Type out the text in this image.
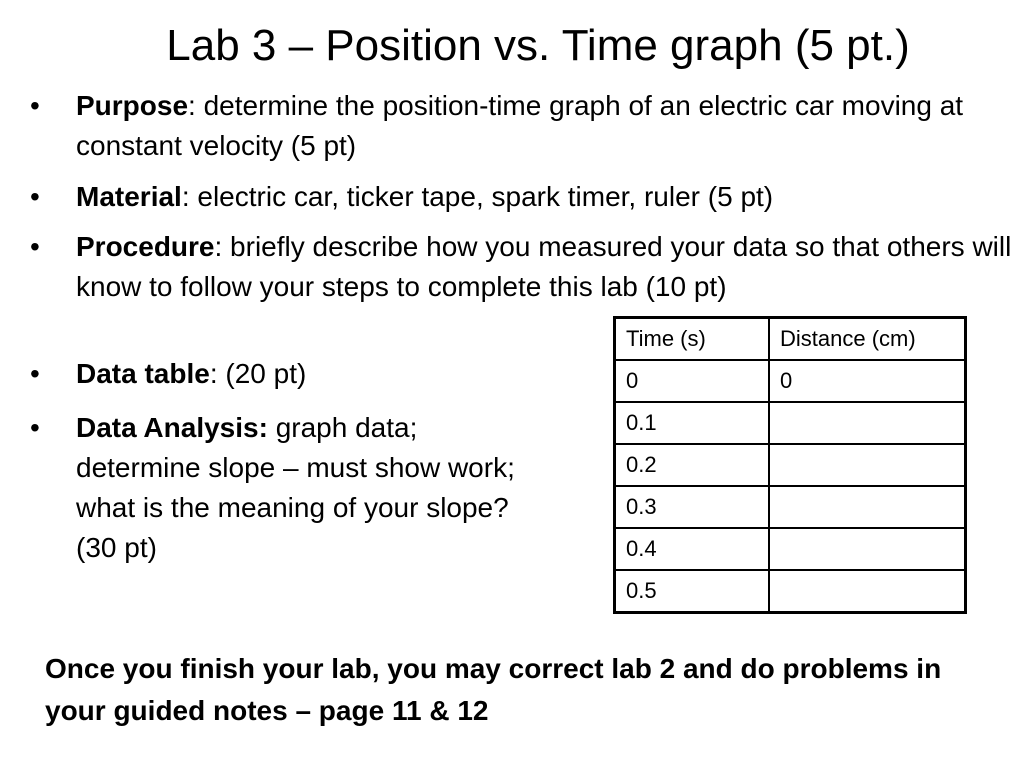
Lab 3 – Position vs. Time graph (5 pt.)
•	Purpose: determine the position-time graph of an electric car moving at constant velocity (5 pt)
•	Material: electric car, ticker tape, spark timer, ruler (5 pt)
•	Procedure: briefly describe how you measured your data so that others will know to follow your steps to complete this lab (10 pt)
•	Data table: (20 pt)
•	Data Analysis: graph data; determine slope – must show work; what is the meaning of your slope? (30 pt)
Time (s)	Distance (cm)
0	0
0.1	
0.2	
0.3	
0.4	
0.5	
Once you finish your lab, you may correct lab 2 and do problems in your guided notes – page 11 & 12
